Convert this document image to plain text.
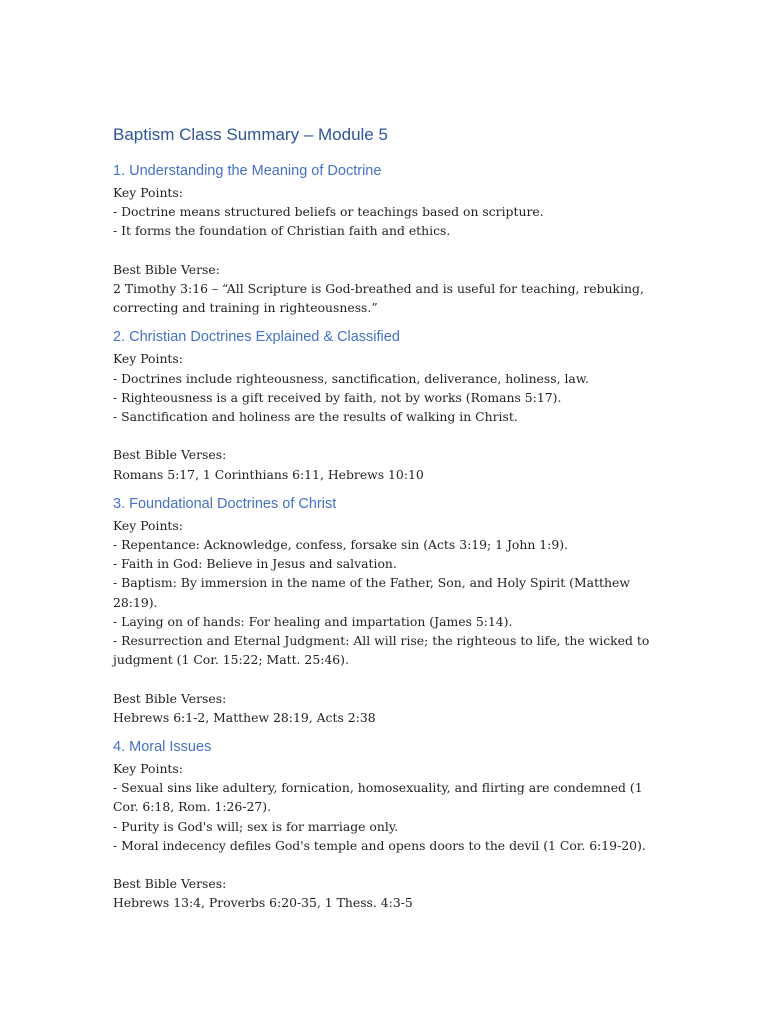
Baptism Class Summary – Module 5
1. Understanding the Meaning of Doctrine

Key Points:

- Doctrine means structured beliefs or teachings based on scripture.

- It forms the foundation of Christian faith and ethics.

Best Bible Verse:

2 Timothy 3:16 – “All Scripture is God-breathed and is useful for teaching, rebuking, correcting and training in righteousness.”

2. Christian Doctrines Explained & Classified

Key Points:

- Doctrines include righteousness, sanctification, deliverance, holiness, law.

- Righteousness is a gift received by faith, not by works (Romans 5:17).

- Sanctification and holiness are the results of walking in Christ.

Best Bible Verses:

Romans 5:17, 1 Corinthians 6:11, Hebrews 10:10

3. Foundational Doctrines of Christ

Key Points:

- Repentance: Acknowledge, confess, forsake sin (Acts 3:19; 1 John 1:9).

- Faith in God: Believe in Jesus and salvation.

- Baptism: By immersion in the name of the Father, Son, and Holy Spirit (Matthew 28:19).

- Laying on of hands: For healing and impartation (James 5:14).

- Resurrection and Eternal Judgment: All will rise; the righteous to life, the wicked to judgment (1 Cor. 15:22; Matt. 25:46).

Best Bible Verses:

Hebrews 6:1-2, Matthew 28:19, Acts 2:38

4. Moral Issues

Key Points:

- Sexual sins like adultery, fornication, homosexuality, and flirting are condemned (1 Cor. 6:18, Rom. 1:26-27).

- Purity is God's will; sex is for marriage only.

- Moral indecency defiles God's temple and opens doors to the devil (1 Cor. 6:19-20).

Best Bible Verses:

Hebrews 13:4, Proverbs 6:20-35, 1 Thess. 4:3-5
